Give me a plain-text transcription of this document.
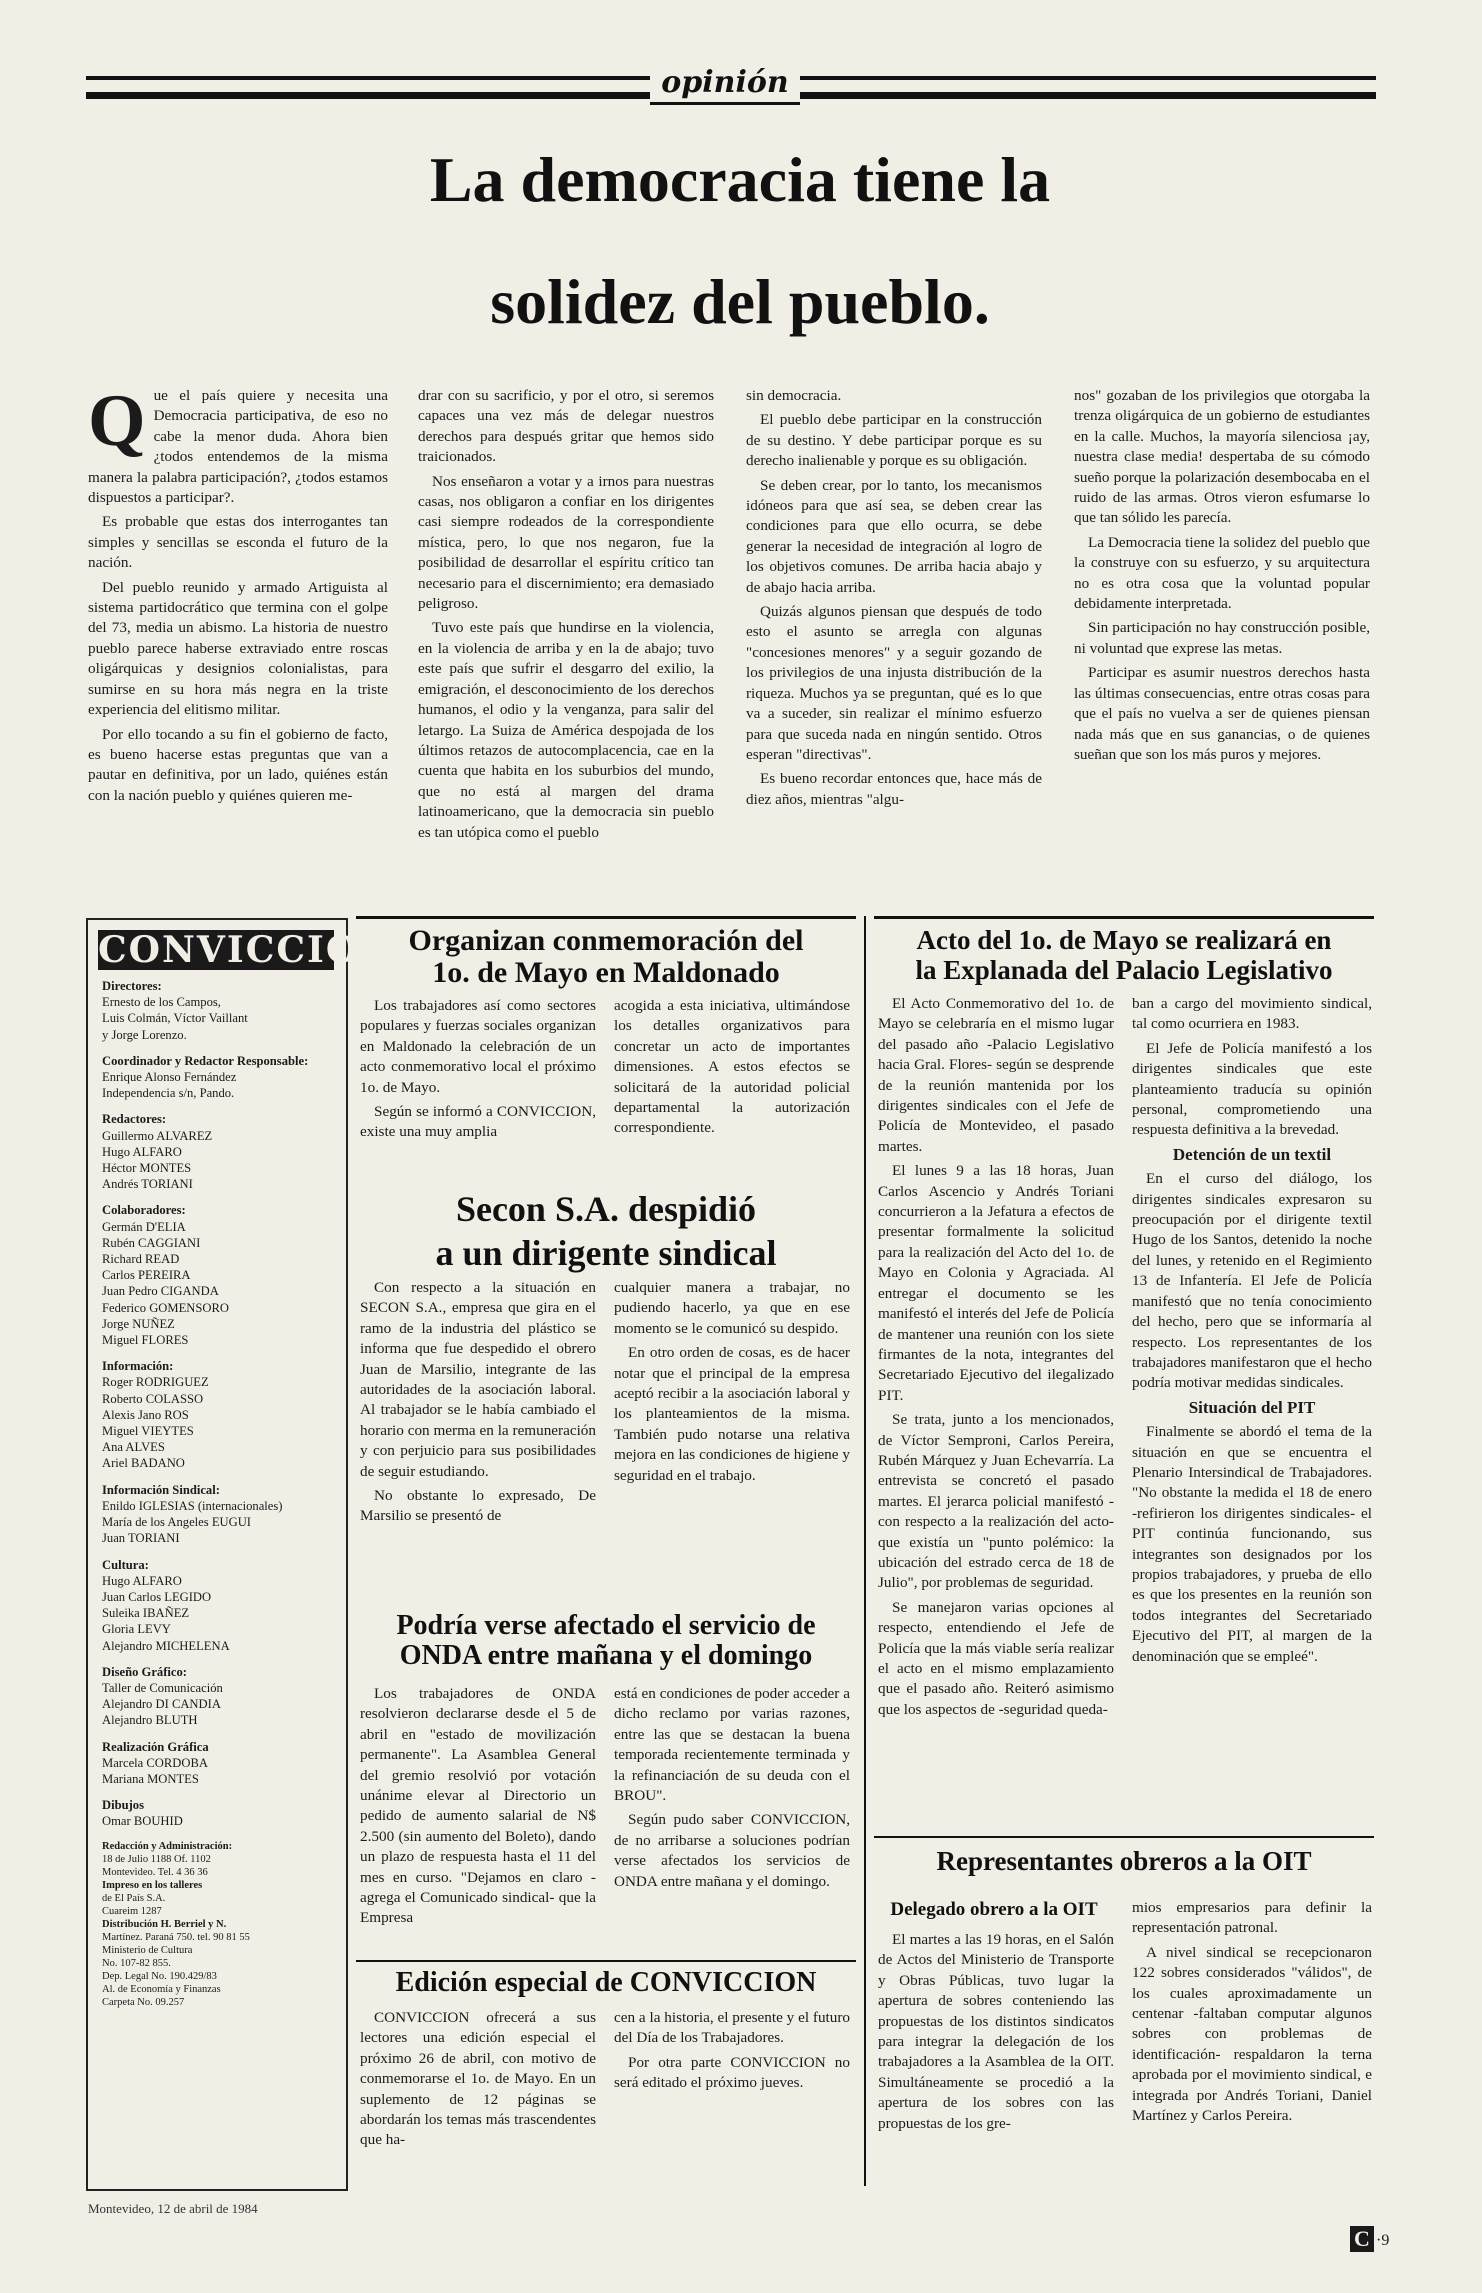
opinión
La democracia tiene la
solidez del pueblo.
Q ue el país quiere y necesita una Democracia participativa, de eso no cabe la menor duda. Ahora bien ¿todos entendemos de la misma manera la palabra participación?, ¿todos estamos dispuestos a participar?.

Es probable que estas dos interrogantes tan simples y sencillas se esconda el futuro de la nación.

Del pueblo reunido y armado Artiguista al sistema partidocrático que termina con el golpe del 73, media un abismo. La historia de nuestro pueblo parece haberse extraviado entre roscas oligárquicas y designios colonialistas, para sumirse en su hora más negra en la triste experiencia del elitismo militar.

Por ello tocando a su fin el gobierno de facto, es bueno hacerse estas preguntas que van a pautar en definitiva, por un lado, quiénes están con la nación pueblo y quiénes quieren me-

drar con su sacrificio, y por el otro, si seremos capaces una vez más de delegar nuestros derechos para después gritar que hemos sido traicionados.

Nos enseñaron a votar y a irnos para nuestras casas, nos obligaron a confiar en los dirigentes casi siempre rodeados de la correspondiente mística, pero, lo que nos negaron, fue la posibilidad de desarrollar el espíritu crítico tan necesario para el discernimiento; era demasiado peligroso.

Tuvo este país que hundirse en la violencia, en la violencia de arriba y en la de abajo; tuvo este país que sufrir el desgarro del exilio, la emigración, el desconocimiento de los derechos humanos, el odio y la venganza, para salir del letargo. La Suiza de América despojada de los últimos retazos de autocomplacencia, cae en la cuenta que habita en los suburbios del mundo, que no está al margen del drama latinoamericano, que la democracia sin pueblo es tan utópica como el pueblo

sin democracia.

El pueblo debe participar en la construcción de su destino. Y debe participar porque es su derecho inalienable y porque es su obligación.

Se deben crear, por lo tanto, los mecanismos idóneos para que así sea, se deben crear las condiciones para que ello ocurra, se debe generar la necesidad de integración al logro de los objetivos comunes. De arriba hacia abajo y de abajo hacia arriba.

Quizás algunos piensan que después de todo esto el asunto se arregla con algunas "concesiones menores" y a seguir gozando de los privilegios de una injusta distribución de la riqueza. Muchos ya se preguntan, qué es lo que va a suceder, sin realizar el mínimo esfuerzo para que suceda nada en ningún sentido. Otros esperan "directivas".

Es bueno recordar entonces que, hace más de diez años, mientras "algu-

nos" gozaban de los privilegios que otorgaba la trenza oligárquica de un gobierno de estudiantes en la calle. Muchos, la mayoría silenciosa ¡ay, nuestra clase media! despertaba de su cómodo sueño porque la polarización desembocaba en el ruido de las armas. Otros vieron esfumarse lo que tan sólido les parecía.

La Democracia tiene la solidez del pueblo que la construye con su esfuerzo, y su arquitectura no es otra cosa que la voluntad popular debidamente interpretada.

Sin participación no hay construcción posible, ni voluntad que exprese las metas.

Participar es asumir nuestros derechos hasta las últimas consecuencias, entre otras cosas para que el país no vuelva a ser de quienes piensan nada más que en sus ganancias, o de quienes sueñan que son los más puros y mejores.

CONVICCION
Directores:
Ernesto de los Campos,
Luis Colmán, Víctor Vaillant
y Jorge Lorenzo.
Coordinador y Redactor Responsable:
Enrique Alonso Fernández
Independencia s/n, Pando.
Redactores:
Guillermo ALVAREZ
Hugo ALFARO
Héctor MONTES
Andrés TORIANI
Colaboradores:
Germán D'ELIA
Rubén CAGGIANI
Richard READ
Carlos PEREIRA
Juan Pedro CIGANDA
Federico GOMENSORO
Jorge NUÑEZ
Miguel FLORES
Información:
Roger RODRIGUEZ
Roberto COLASSO
Alexis Jano ROS
Miguel VIEYTES
Ana ALVES
Ariel BADANO
Información Sindical:
Enildo IGLESIAS (internacionales)
María de los Angeles EUGUI
Juan TORIANI
Cultura:
Hugo ALFARO
Juan Carlos LEGIDO
Suleika IBAÑEZ
Gloria LEVY
Alejandro MICHELENA
Diseño Gráfico:
Taller de Comunicación
Alejandro DI CANDIA
Alejandro BLUTH
Realización Gráfica
Marcela CORDOBA
Mariana MONTES
Dibujos
Omar BOUHID
Redacción y Administración:
18 de Julio 1188 Of. 1102
Montevideo. Tel. 4 36 36
Impreso en los talleres
de El País S.A.
Cuareim 1287
Distribución H. Berriel y N.
Martínez. Paraná 750. tel. 90 81 55
Ministerio de Cultura
No. 107-82 855.
Dep. Legal No. 190.429/83
Al. de Economía y Finanzas
Carpeta No. 09.257
Organizan conmemoración del
1o. de Mayo en Maldonado

Los trabajadores así como sectores populares y fuerzas sociales organizan en Maldonado la celebración de un acto conmemorativo local el próximo 1o. de Mayo.

Según se informó a CONVICCION, existe una muy amplia

acogida a esta iniciativa, ultimándose los detalles organizativos para concretar un acto de importantes dimensiones. A estos efectos se solicitará de la autoridad policial departamental la autorización correspondiente.

Secon S.A. despidió
a un dirigente sindical

Con respecto a la situación en SECON S.A., empresa que gira en el ramo de la industria del plástico se informa que fue despedido el obrero Juan de Marsilio, integrante de las autoridades de la asociación laboral. Al trabajador se le había cambiado el horario con merma en la remuneración y con perjuicio para sus posibilidades de seguir estudiando.

No obstante lo expresado, De Marsilio se presentó de

cualquier manera a trabajar, no pudiendo hacerlo, ya que en ese momento se le comunicó su despido.

En otro orden de cosas, es de hacer notar que el principal de la empresa aceptó recibir a la asociación laboral y los planteamientos de la misma. También pudo notarse una relativa mejora en las condiciones de higiene y seguridad en el trabajo.

Podría verse afectado el servicio de
ONDA entre mañana y el domingo

Los trabajadores de ONDA resolvieron declararse desde el 5 de abril en "estado de movilización permanente". La Asamblea General del gremio resolvió por votación unánime elevar al Directorio un pedido de aumento salarial de N$ 2.500 (sin aumento del Boleto), dando un plazo de respuesta hasta el 11 del mes en curso. "Dejamos en claro -agrega el Comunicado sindical- que la Empresa

está en condiciones de poder acceder a dicho reclamo por varias razones, entre las que se destacan la buena temporada recientemente terminada y la refinanciación de su deuda con el BROU".

Según pudo saber CONVICCION, de no arribarse a soluciones podrían verse afectados los servicios de ONDA entre mañana y el domingo.

Edición especial de CONVICCION

CONVICCION ofrecerá a sus lectores una edición especial el próximo 26 de abril, con motivo de conmemorarse el 1o. de Mayo. En un suplemento de 12 páginas se abordarán los temas más trascendentes que ha-

cen a la historia, el presente y el futuro del Día de los Trabajadores.

Por otra parte CONVICCION no será editado el próximo jueves.

Acto del 1o. de Mayo se realizará en
la Explanada del Palacio Legislativo

El Acto Conmemorativo del 1o. de Mayo se celebraría en el mismo lugar del pasado año -Palacio Legislativo hacia Gral. Flores- según se desprende de la reunión mantenida por los dirigentes sindicales con el Jefe de Policía de Montevideo, el pasado martes.

El lunes 9 a las 18 horas, Juan Carlos Ascencio y Andrés Toriani concurrieron a la Jefatura a efectos de presentar formalmente la solicitud para la realización del Acto del 1o. de Mayo en Colonia y Agraciada. Al entregar el documento se les manifestó el interés del Jefe de Policía de mantener una reunión con los siete firmantes de la nota, integrantes del Secretariado Ejecutivo del ilegalizado PIT.

Se trata, junto a los mencionados, de Víctor Semproni, Carlos Pereira, Rubén Márquez y Juan Echevarría. La entrevista se concretó el pasado martes. El jerarca policial manifestó -con respecto a la realización del acto- que existía un "punto polémico: la ubicación del estrado cerca de 18 de Julio", por problemas de seguridad.

Se manejaron varias opciones al respecto, entendiendo el Jefe de Policía que la más viable sería realizar el acto en el mismo emplazamiento que el pasado año. Reiteró asimismo que los aspectos de -seguridad queda-

ban a cargo del movimiento sindical, tal como ocurriera en 1983.

El Jefe de Policía manifestó a los dirigentes sindicales que este planteamiento traducía su opinión personal, comprometiendo una respuesta definitiva a la brevedad.

Detención de un textil

En el curso del diálogo, los dirigentes sindicales expresaron su preocupación por el dirigente textil Hugo de los Santos, detenido la noche del lunes, y retenido en el Regimiento 13 de Infantería. El Jefe de Policía manifestó que no tenía conocimiento del hecho, pero que se informaría al respecto. Los representantes de los trabajadores manifestaron que el hecho podría motivar medidas sindicales.

Situación del PIT

Finalmente se abordó el tema de la situación en que se encuentra el Plenario Intersindical de Trabajadores. "No obstante la medida el 18 de enero -refirieron los dirigentes sindicales- el PIT continúa funcionando, sus integrantes son designados por los propios trabajadores, y prueba de ello es que los presentes en la reunión son todos integrantes del Secretariado Ejecutivo del PIT, al margen de la denominación que se empleé".

Representantes obreros a la OIT
Delegado obrero a la OIT

El martes a las 19 horas, en el Salón de Actos del Ministerio de Transporte y Obras Públicas, tuvo lugar la apertura de sobres conteniendo las propuestas de los distintos sindicatos para integrar la delegación de los trabajadores a la Asamblea de la OIT. Simultáneamente se procedió a la apertura de los sobres con las propuestas de los gre-

mios empresarios para definir la representación patronal.

A nivel sindical se recepcionaron 122 sobres considerados "válidos", de los cuales aproximadamente un centenar -faltaban computar algunos sobres con problemas de identificación- respaldaron la terna aprobada por el movimiento sindical, e integrada por Andrés Toriani, Daniel Martínez y Carlos Pereira.

Montevideo, 12 de abril de 1984
C ·9
